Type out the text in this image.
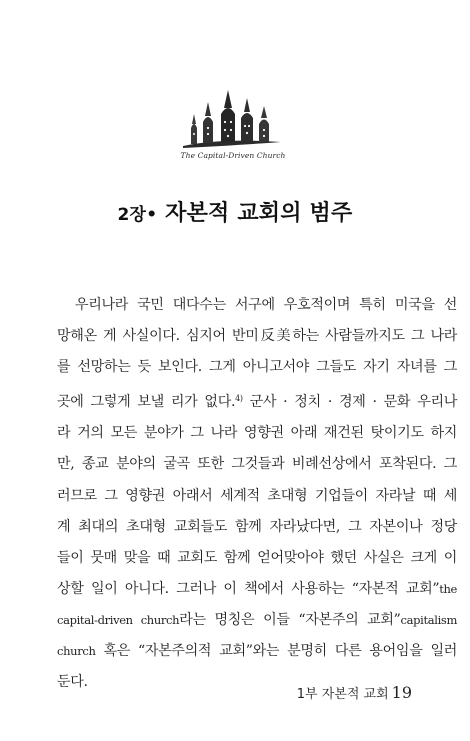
The Capital-Driven Church
2장• 자본적 교회의 범주
우리나라 국민 대다수는 서구에 우호적이며 특히 미국을 선
망해온 게 사실이다. 심지어 반미反美하는 사람들까지도 그 나라
를 선망하는 듯 보인다. 그게 아니고서야 그들도 자기 자녀를 그
곳에 그렇게 보낼 리가 없다.$^{4)}$ 군사 · 정치 · 경제 · 문화 우리나
라 거의 모든 분야가 그 나라 영향권 아래 재건된 탓이기도 하지
만, 종교 분야의 굴곡 또한 그것들과 비례선상에서 포착된다. 그
러므로 그 영향권 아래서 세계적 초대형 기업들이 자라날 때 세
계 최대의 초대형 교회들도 함께 자라났다면, 그 자본이나 정당
들이 뭇매 맞을 때 교회도 함께 얻어맞아야 했던 사실은 크게 이
상할 일이 아니다. 그러나 이 책에서 사용하는 “자본적 교회”the
capital-driven church라는 명칭은 이들 “자본주의 교회”capitalism
church 혹은 “자본주의적 교회”와는 분명히 다른 용어임을 일러
둔다.
1부 자본적 교회 19
